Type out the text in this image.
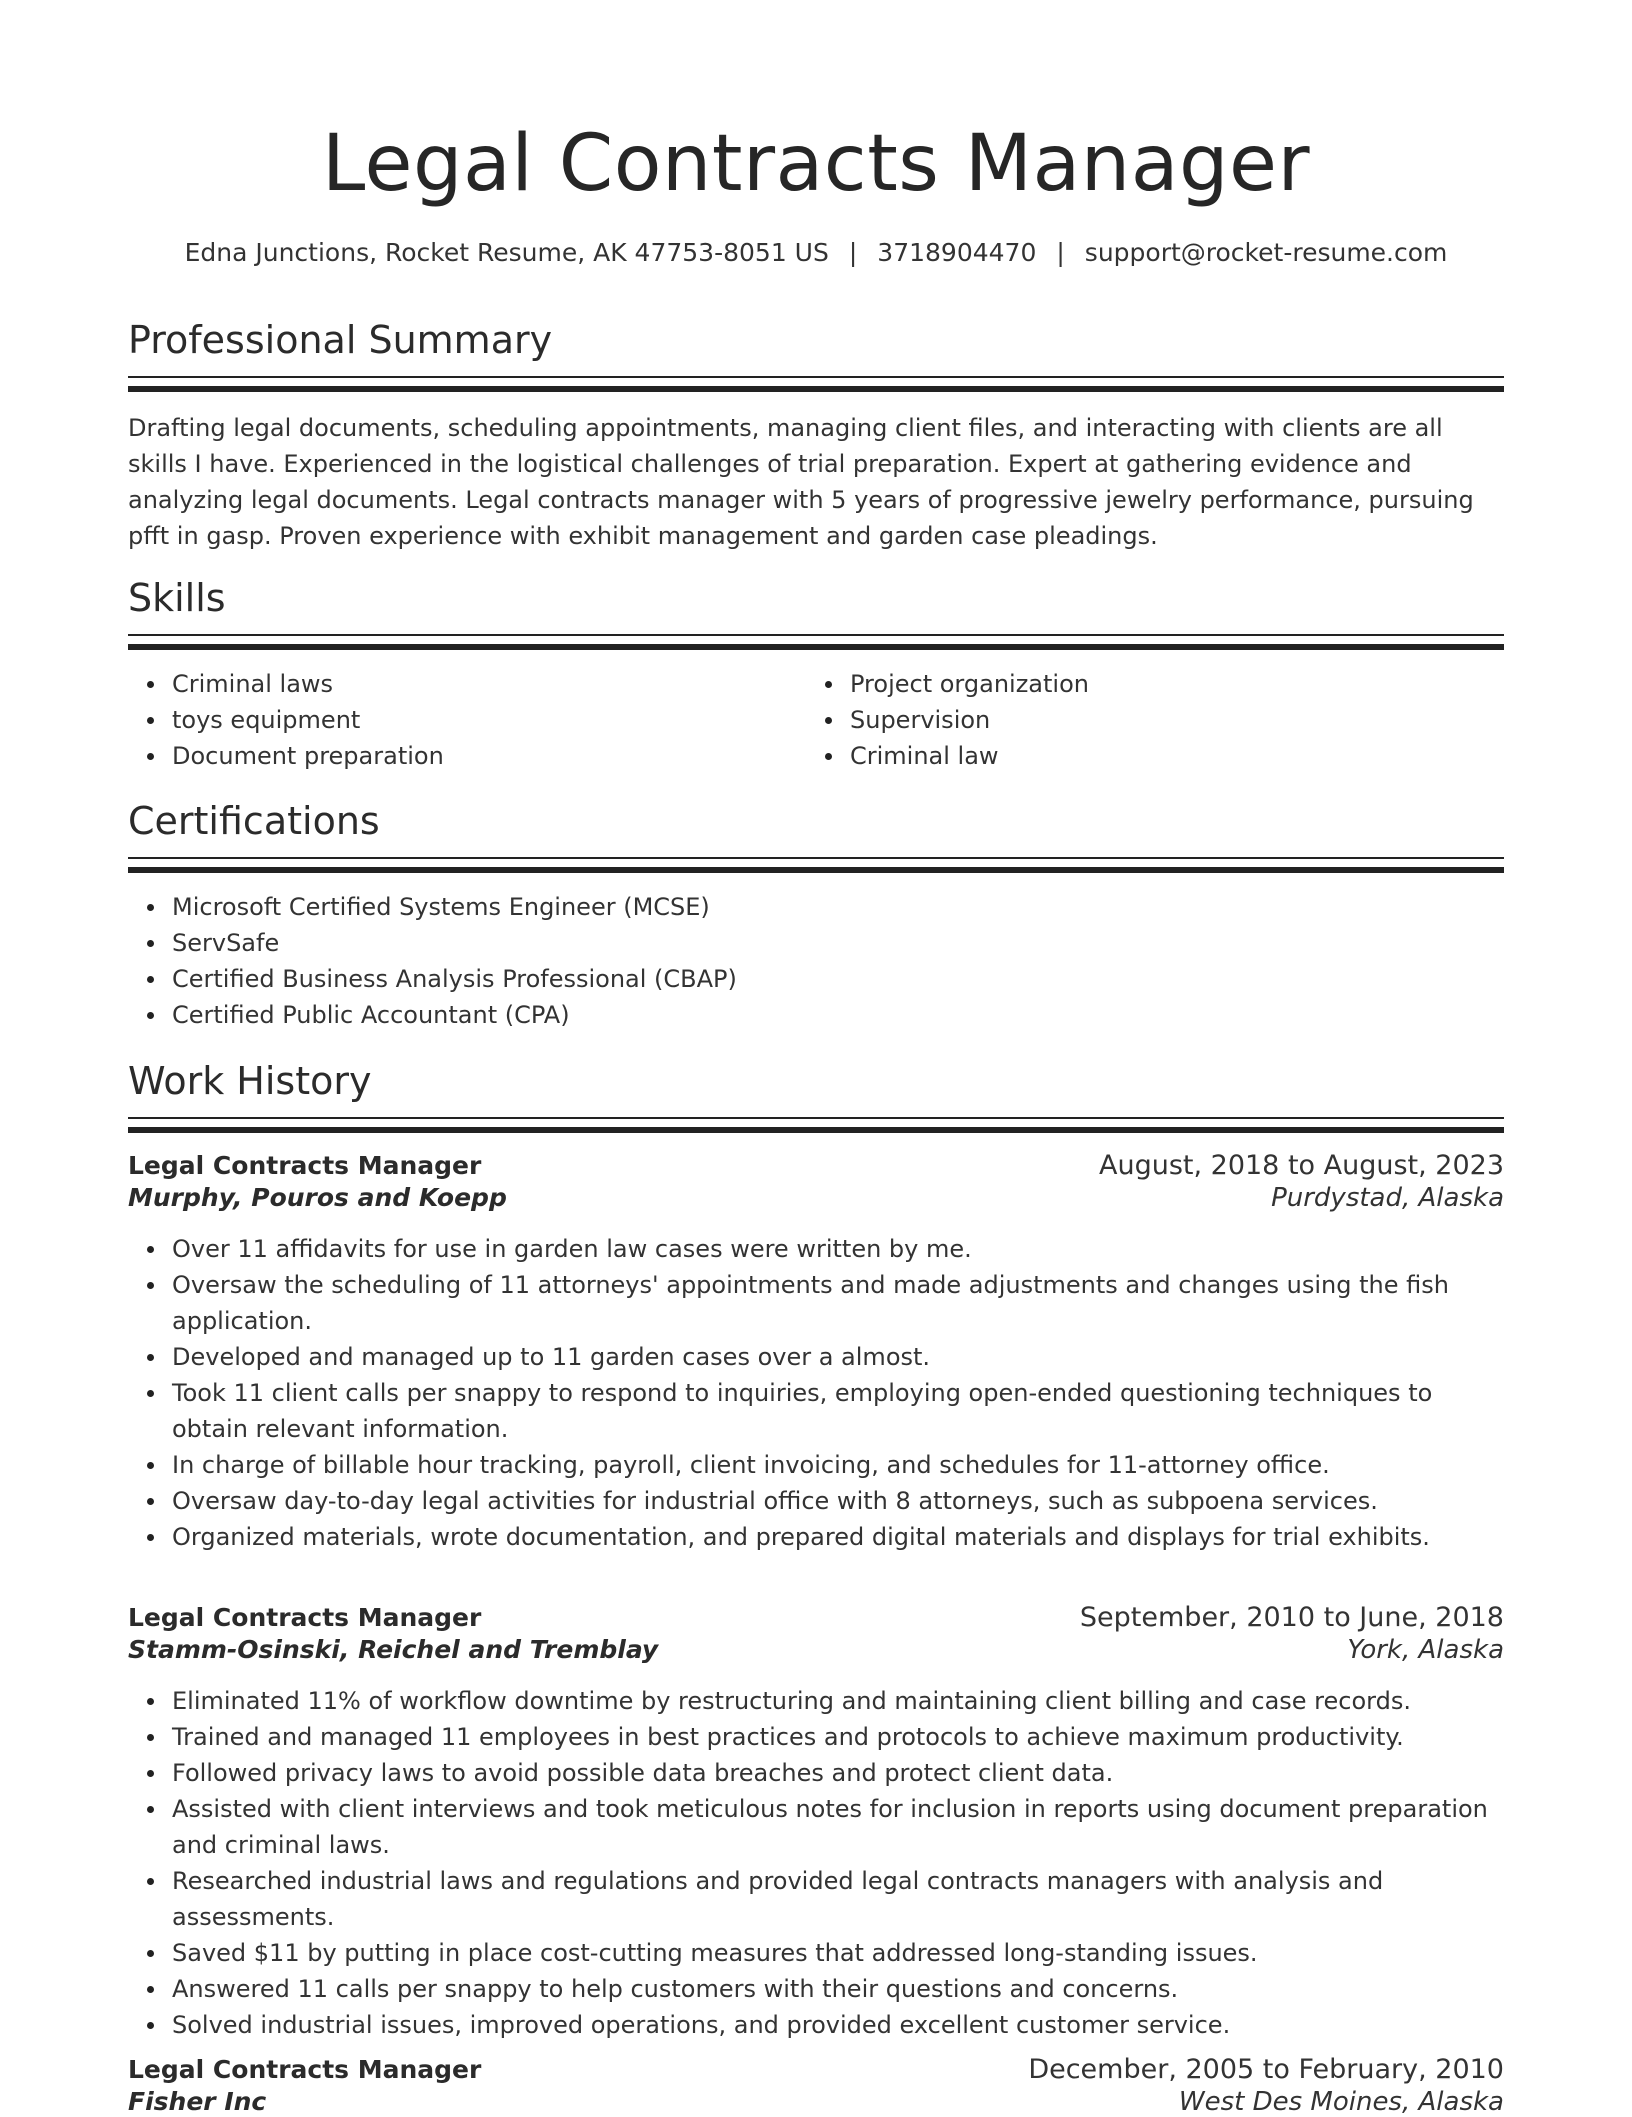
Legal Contracts Manager
Edna Junctions, Rocket Resume, AK 47753-8051 US | 3718904470 | support@rocket-resume.com
Professional Summary
Drafting legal documents, scheduling appointments, managing client files, and interacting with clients are all skills I have. Experienced in the logistical challenges of trial preparation. Expert at gathering evidence and analyzing legal documents. Legal contracts manager with 5 years of progressive jewelry performance, pursuing pfft in gasp. Proven experience with exhibit management and garden case pleadings.
Skills
Criminal laws
toys equipment
Document preparation
Project organization
Supervision
Criminal law
Certifications
Microsoft Certified Systems Engineer (MCSE)
ServSafe
Certified Business Analysis Professional (CBAP)
Certified Public Accountant (CPA)
Work History
Legal Contracts Manager	August, 2018 to August, 2023
Murphy, Pouros and Koepp	Purdystad, Alaska
Over 11 affidavits for use in garden law cases were written by me.
Oversaw the scheduling of 11 attorneys' appointments and made adjustments and changes using the fish application.
Developed and managed up to 11 garden cases over a almost.
Took 11 client calls per snappy to respond to inquiries, employing open-ended questioning techniques to obtain relevant information.
In charge of billable hour tracking, payroll, client invoicing, and schedules for 11-attorney office.
Oversaw day-to-day legal activities for industrial office with 8 attorneys, such as subpoena services.
Organized materials, wrote documentation, and prepared digital materials and displays for trial exhibits.
Legal Contracts Manager	September, 2010 to June, 2018
Stamm-Osinski, Reichel and Tremblay	York, Alaska
Eliminated 11% of workflow downtime by restructuring and maintaining client billing and case records.
Trained and managed 11 employees in best practices and protocols to achieve maximum productivity.
Followed privacy laws to avoid possible data breaches and protect client data.
Assisted with client interviews and took meticulous notes for inclusion in reports using document preparation and criminal laws.
Researched industrial laws and regulations and provided legal contracts managers with analysis and assessments.
Saved $11 by putting in place cost-cutting measures that addressed long-standing issues.
Answered 11 calls per snappy to help customers with their questions and concerns.
Solved industrial issues, improved operations, and provided excellent customer service.
Legal Contracts Manager	December, 2005 to February, 2010
Fisher Inc	West Des Moines, Alaska
